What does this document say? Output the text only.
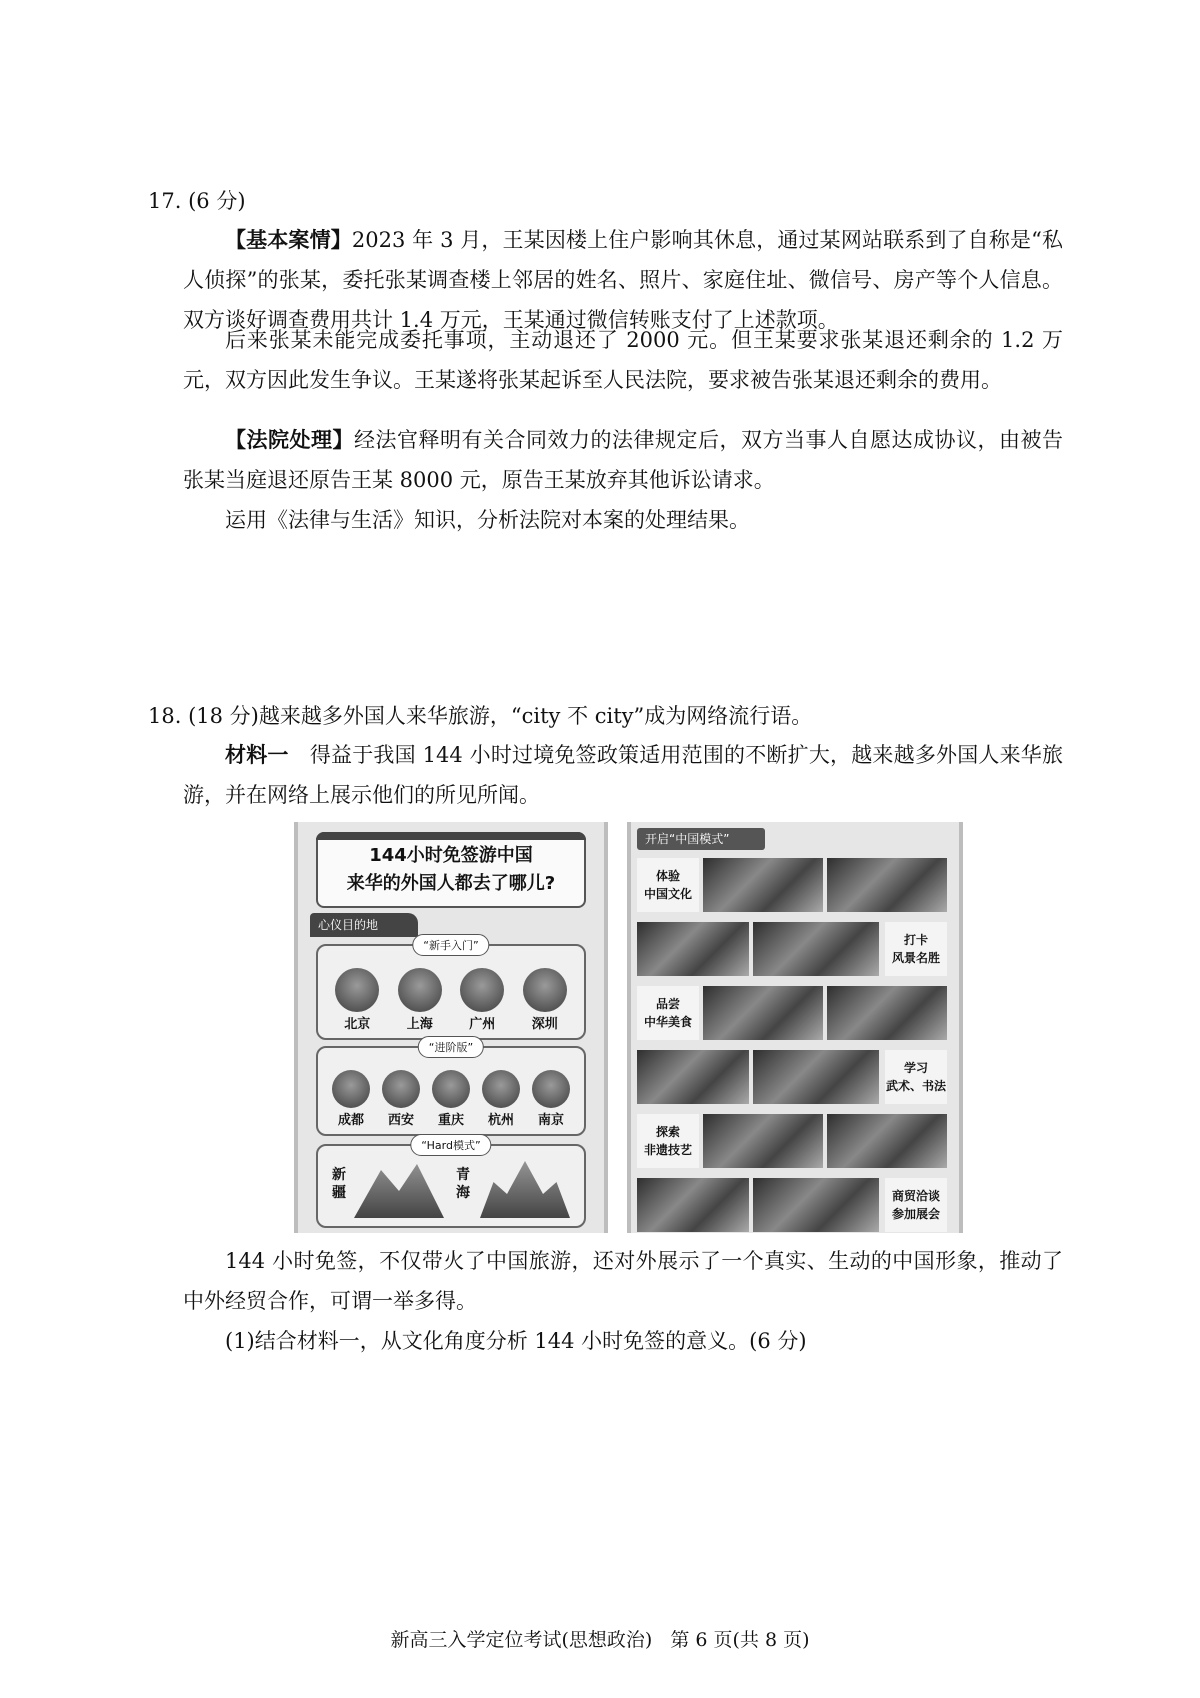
17. (6 分)

【基本案情】2023 年 3 月，王某因楼上住户影响其休息，通过某网站联系到了自称是“私人侦探”的张某，委托张某调查楼上邻居的姓名、照片、家庭住址、微信号、房产等个人信息。双方谈好调查费用共计 1.4 万元，王某通过微信转账支付了上述款项。

后来张某未能完成委托事项，主动退还了 2000 元。但王某要求张某退还剩余的 1.2 万元，双方因此发生争议。王某遂将张某起诉至人民法院，要求被告张某退还剩余的费用。

【法院处理】经法官释明有关合同效力的法律规定后，双方当事人自愿达成协议，由被告张某当庭退还原告王某 8000 元，原告王某放弃其他诉讼请求。

运用《法律与生活》知识，分析法院对本案的处理结果。

18. (18 分)越来越多外国人来华旅游，“city 不 city”成为网络流行语。

材料一　 得益于我国 144 小时过境免签政策适用范围的不断扩大，越来越多外国人来华旅游，并在网络上展示他们的所见所闻。

144小时免签游中国
来华的外国人都去了哪儿?
心仪目的地
“新手入门”
北京	上海	广州	深圳
“进阶版”
成都	西安	重庆	杭州	南京
“Hard模式”
新疆
青海
开启“中国模式”
体验
中国文化
打卡
风景名胜
品尝
中华美食
学习
武术、书法
探索
非遗技艺
商贸洽谈
参加展会

144 小时免签，不仅带火了中国旅游，还对外展示了一个真实、生动的中国形象，推动了中外经贸合作，可谓一举多得。

(1)结合材料一，从文化角度分析 144 小时免签的意义。(6 分)

新高三入学定位考试(思想政治) 第 6 页(共 8 页)
